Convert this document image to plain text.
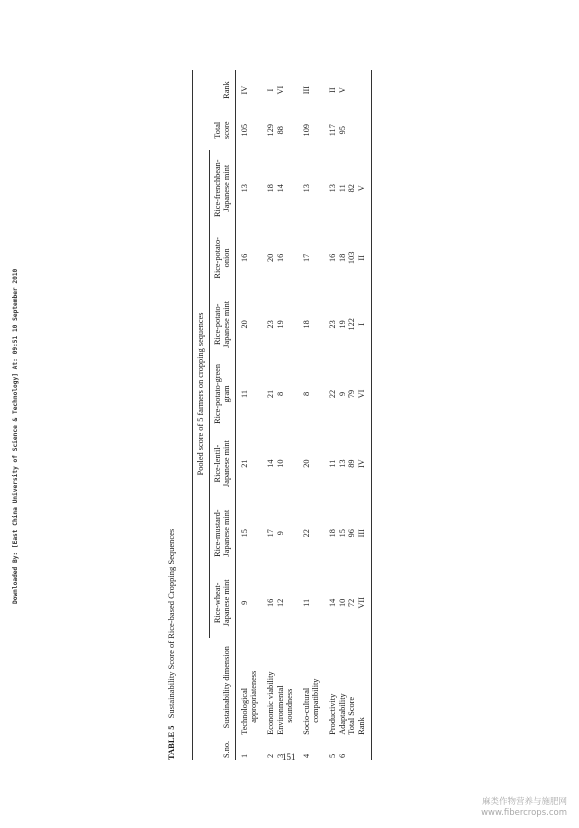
Downloaded By: [East China University of Science & Technology] At: 09:51 10 September 2010
151
麻类作物营养与施肥网
www.fibercrops.com
TABLE 5 Sustainability Score of Rice-based Cropping Sequences
		Pooled score of 5 farmers on cropping sequences								

S.no.	Sustainability dimension	Rice-wheat-Japanese mint	Rice-mustard-Japanese mint	Rice-lentil-Japanese mint	Rice-potato-green gram	Rice-potato-Japanese mint	Rice-potato-onion	Rice-frenchbean-Japanese mint	Total score	Rank

1	Technological appropriateness	9	15	21	11	20	16	13	105	IV
2	Economic viability	16	17	14	21	23	20	18	129	I
3	Environmental soundness	12	9	10	8	19	16	14	88	VI
4	Socio-cultural compatibility	11	22	20	8	18	17	13	109	III
5	Productivity	14	18	11	22	23	16	13	117	II
6	Adaptability	10	15	13	9	19	18	11	95	V
	Total Score	72	96	89	79	122	103	82		
	Rank	VII	III	IV	VI	I	II	V		
